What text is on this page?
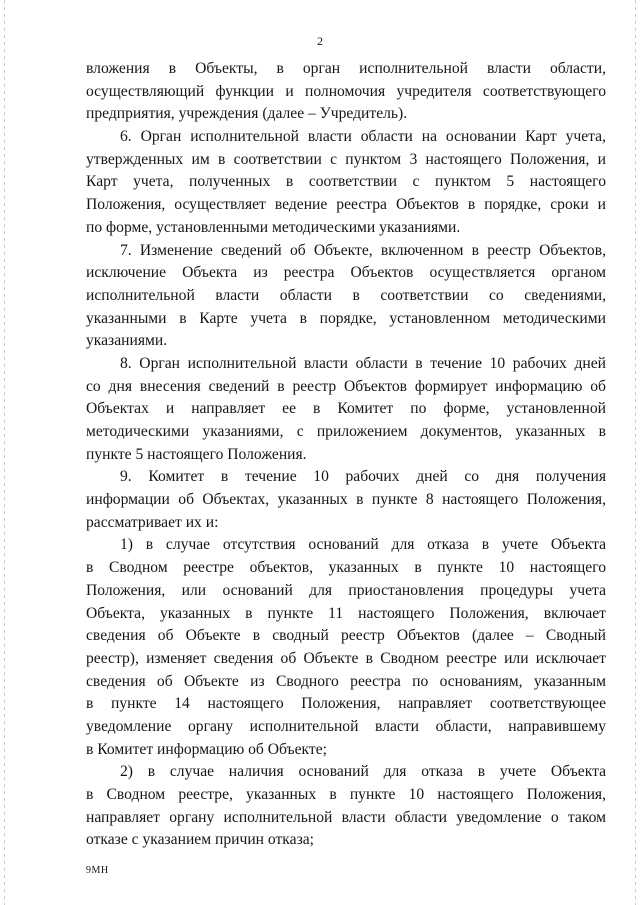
2
вложения в Объекты, в орган исполнительной власти области,
осуществляющий функции и полномочия учредителя соответствующего
предприятия, учреждения (далее – Учредитель).
6. Орган исполнительной власти области на основании Карт учета,
утвержденных им в соответствии с пунктом 3 настоящего Положения, и
Карт учета, полученных в соответствии с пунктом 5 настоящего
Положения, осуществляет ведение реестра Объектов в порядке, сроки и
по форме, установленными методическими указаниями.
7. Изменение сведений об Объекте, включенном в реестр Объектов,
исключение Объекта из реестра Объектов осуществляется органом
исполнительной власти области в соответствии со сведениями,
указанными в Карте учета в порядке, установленном методическими
указаниями.
8. Орган исполнительной власти области в течение 10 рабочих дней
со дня внесения сведений в реестр Объектов формирует информацию об
Объектах и направляет ее в Комитет по форме, установленной
методическими указаниями, с приложением документов, указанных в
пункте 5 настоящего Положения.
9. Комитет в течение 10 рабочих дней со дня получения
информации об Объектах, указанных в пункте 8 настоящего Положения,
рассматривает их и:
1) в случае отсутствия оснований для отказа в учете Объекта
в Сводном реестре объектов, указанных в пункте 10 настоящего
Положения, или оснований для приостановления процедуры учета
Объекта, указанных в пункте 11 настоящего Положения, включает
сведения об Объекте в сводный реестр Объектов (далее – Сводный
реестр), изменяет сведения об Объекте в Сводном реестре или исключает
сведения об Объекте из Сводного реестра по основаниям, указанным
в пункте 14 настоящего Положения, направляет соответствующее
уведомление органу исполнительной власти области, направившему
в Комитет информацию об Объекте;
2) в случае наличия оснований для отказа в учете Объекта
в Сводном реестре, указанных в пункте 10 настоящего Положения,
направляет органу исполнительной власти области уведомление о таком
отказе с указанием причин отказа;
9МН
